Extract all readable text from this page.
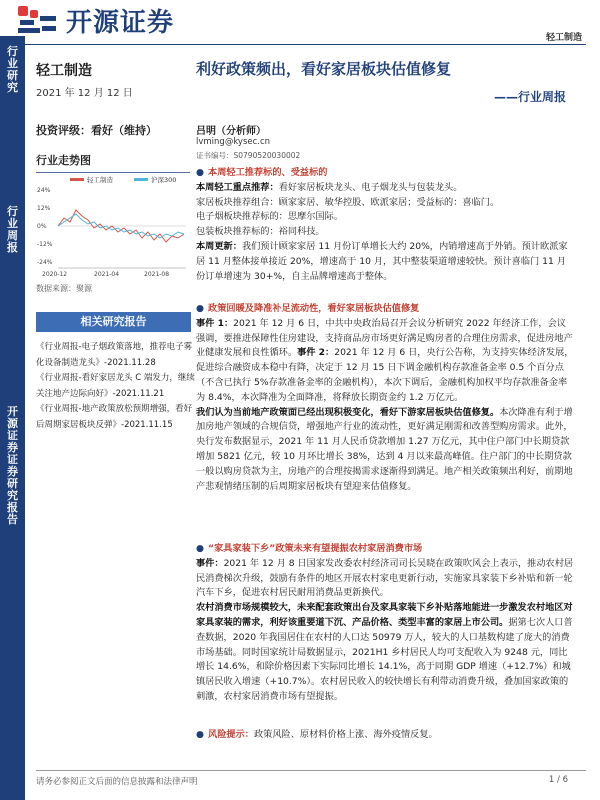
开源证券	轻工制造
行业研究
行业周报
开源证券 证券研究报告
轻工制造
2021 年 12 月 12 日
投资评级：看好（维持）
行业走势图
轻工制造	沪深300
24%
12%
0%
-12%
-24%
2020-12	2021-04	2021-08
数据来源：聚源
相关研究报告

《行业周报-电子烟政策落地，推荐电子雾化设备制造龙头》-2021.11.28

《行业周报-看好家居龙头 C 端发力，继续关注地产边际向好》-2021.11.21

《行业周报-地产政策放松预期增强，看好后周期家居板块反弹》-2021.11.15

利好政策频出，看好家居板块估值修复
——行业周报
吕明（分析师）
lvming@kysec.cn
证书编号：S0790520030002

● 本周轻工推荐标的、受益标的

本周轻工重点推荐：看好家居板块龙头、电子烟龙头与包装龙头。

家居板块推荐组合：顾家家居、敏华控股、欧派家居；受益标的：喜临门。

电子烟板块推荐标的：思摩尔国际。

包装板块推荐标的：裕同科技。

本周更新：我们预计顾家家居 11 月份订单增长大约 20%，内销增速高于外销。预计欧派家居 11 月整体接单接近 20%，增速高于 10 月，其中整装渠道增速较快。预计喜临门 11 月份订单增速为 30+%，自主品牌增速高于整体。

● 政策回暖及降准补足流动性，看好家居板块估值修复

事件 1：2021 年 12 月 6 日，中共中央政治局召开会议分析研究 2022 年经济工作，会议强调，要推进保障性住房建设，支持商品房市场更好满足购房者的合理住房需求，促进房地产业健康发展和良性循环。事件 2：2021 年 12 月 6 日，央行公告称，为支持实体经济发展，促进综合融资成本稳中有降，决定于 12 月 15 日下调金融机构存款准备金率 0.5 个百分点（不含已执行 5%存款准备金率的金融机构），本次下调后，金融机构加权平均存款准备金率为 8.4%，本次降准为全面降准，将释放长期资金约 1.2 万亿元。

我们认为当前地产政策面已经出现积极变化，看好下游家居板块估值修复。本次降准有利于增加房地产领域的合规信贷，增强地产行业的流动性，更好满足刚需和改善型购房需求。此外，央行发布数据显示，2021 年 11 月人民币贷款增加 1.27 万亿元，其中住户部门中长期贷款增加 5821 亿元，较 10 月环比增长 38%，达到 4 月以来最高峰值。住户部门的中长期贷款一般以购房贷款为主，房地产的合理按揭需求逐渐得到满足。地产相关政策频出利好，前期地产悲观情绪压制的后周期家居板块有望迎来估值修复。

● “家具家装下乡”政策未来有望提振农村家居消费市场

事件：2021 年 12 月 8 日国家发改委农村经济司司长吴晓在政策吹风会上表示，推动农村居民消费梯次升级，鼓励有条件的地区开展农村家电更新行动，实施家具家装下乡补贴和新一轮汽车下乡，促进农村居民耐用消费品更新换代。

农村消费市场规模较大，未来配套政策出台及家具家装下乡补贴落地能进一步激发农村地区对家具家装的需求，利好该重要道下沉、产品价格、类型丰富的家居上市公司。据第七次人口普查数据，2020 年我国居住在农村的人口达 50979 万人，较大的人口基数构建了庞大的消费市场基础。同时国家统计局数据显示，2021H1 乡村居民人均可支配收入为 9248 元，同比增长 14.6%，和除价格因素下实际同比增长 14.1%，高于同期 GDP 增速（+12.7%）和城镇居民收入增速（+10.7%）。农村居民收入的较快增长有利带动消费升级，叠加国家政策的刺激，农村家居消费市场有望提振。

● 风险提示：政策风险、原材料价格上涨、海外疫情反复。

请务必参阅正文后面的信息披露和法律声明	1 / 6
